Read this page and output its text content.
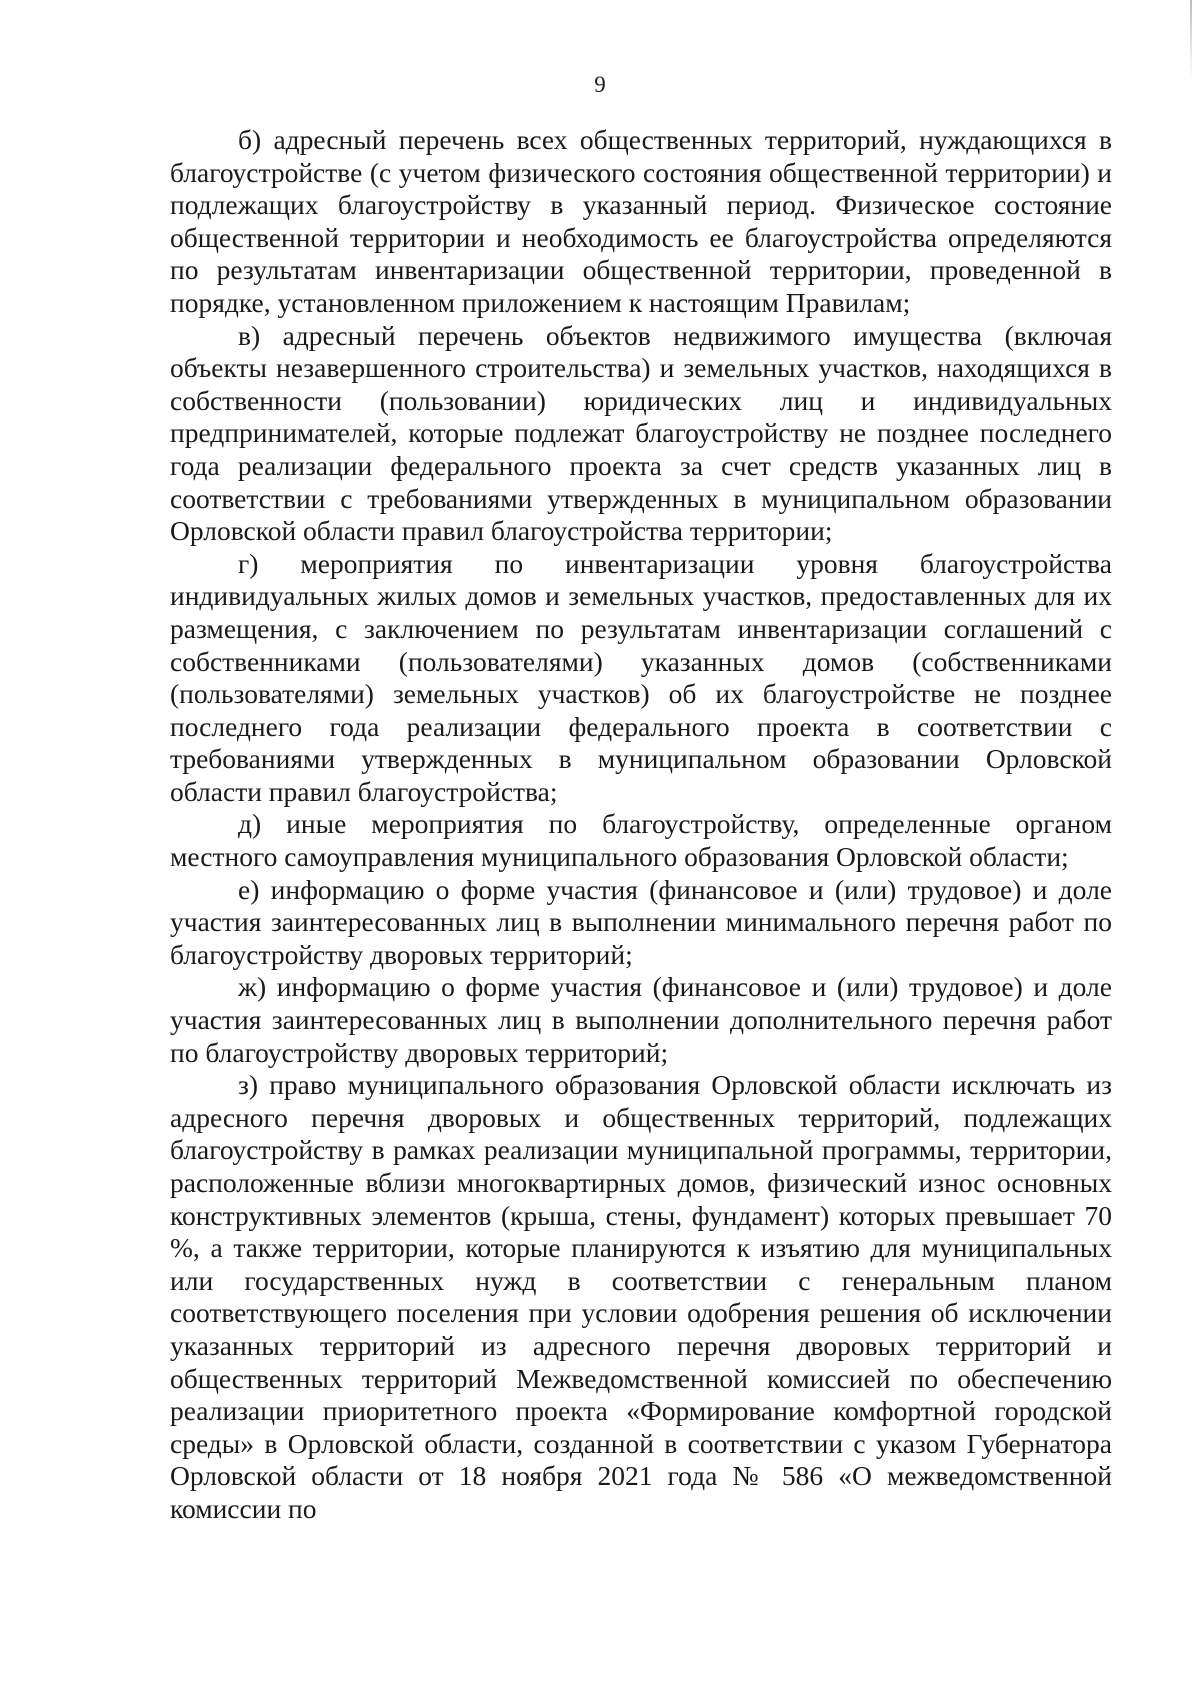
9

б) адресный перечень всех общественных территорий, нуждающихся в благоустройстве (с учетом физического состояния общественной территории) и подлежащих благоустройству в указанный период. Физическое состояние общественной территории и необходимость ее благоустройства определяются по результатам инвентаризации общественной территории, проведенной в порядке, установленном приложением к настоящим Правилам;

в) адресный перечень объектов недвижимого имущества (включая объекты незавершенного строительства) и земельных участков, находящихся в собственности (пользовании) юридических лиц и индивидуальных предпринимателей, которые подлежат благоустройству не позднее последнего года реализации федерального проекта за счет средств указанных лиц в соответствии с требованиями утвержденных в муниципальном образовании Орловской области правил благоустройства территории;

г) мероприятия по инвентаризации уровня благоустройства индивидуальных жилых домов и земельных участков, предоставленных для их размещения, с заключением по результатам инвентаризации соглашений с собственниками (пользователями) указанных домов (собственниками (пользователями) земельных участков) об их благоустройстве не позднее последнего года реализации федерального проекта в соответствии с требованиями утвержденных в муниципальном образовании Орловской области правил благоустройства;

д) иные мероприятия по благоустройству, определенные органом местного самоуправления муниципального образования Орловской области;

е) информацию о форме участия (финансовое и (или) трудовое) и доле участия заинтересованных лиц в выполнении минимального перечня работ по благоустройству дворовых территорий;

ж) информацию о форме участия (финансовое и (или) трудовое) и доле участия заинтересованных лиц в выполнении дополнительного перечня работ по благоустройству дворовых территорий;

з) право муниципального образования Орловской области исключать из адресного перечня дворовых и общественных территорий, подлежащих благоустройству в рамках реализации муниципальной программы, территории, расположенные вблизи многоквартирных домов, физический износ основных конструктивных элементов (крыша, стены, фундамент) которых превышает 70 %, а также территории, которые планируются к изъятию для муниципальных или государственных нужд в соответствии с генеральным планом соответствующего поселения при условии одобрения решения об исключении указанных территорий из адресного перечня дворовых территорий и общественных территорий Межведомственной комиссией по обеспечению реализации приоритетного проекта «Формирование комфортной городской среды» в Орловской области, созданной в соответствии с указом Губернатора Орловской области от 18 ноября 2021 года № 586 «О межведомственной комиссии по
